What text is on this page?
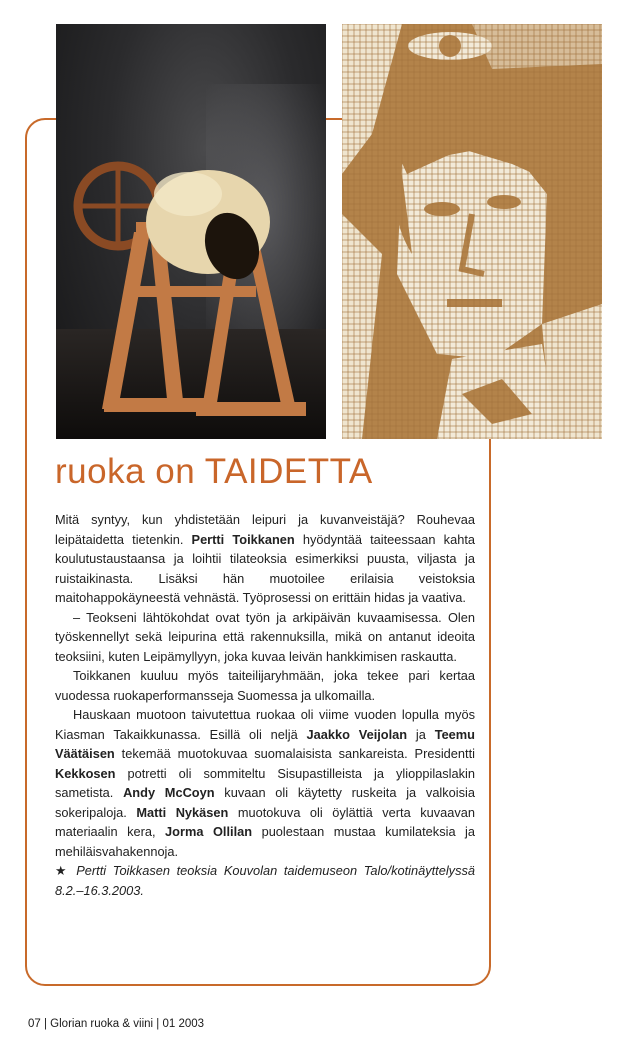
ruoka on TAIDETTA

Mitä syntyy, kun yhdistetään leipuri ja kuvanveistäjä? Rouhevaa leipätaidetta tietenkin. Pertti Toikkanen hyödyntää taiteessaan kahta koulutustaustaansa ja loihtii tilateoksia esimerkiksi puusta, viljasta ja ruistaikinasta. Lisäksi hän muotoilee erilaisia veistoksia maitohappokäyneestä vehnästä. Työprosessi on erittäin hidas ja vaativa.

– Teokseni lähtökohdat ovat työn ja arkipäivän kuvaamisessa. Olen työskennellyt sekä leipurina että rakennuksilla, mikä on antanut ideoita teoksiini, kuten Leipämyllyyn, joka kuvaa leivän hankkimisen raskautta.

Toikkanen kuuluu myös taiteilijaryhmään, joka tekee pari kertaa vuodessa ruokaperformansseja Suomessa ja ulkomailla.

Hauskaan muotoon taivutettua ruokaa oli viime vuoden lopulla myös Kiasman Takaikkunassa. Esillä oli neljä Jaakko Veijolan ja Teemu Väätäisen tekemää muotokuvaa suomalaisista sankareista. Presidentti Kekkosen potretti oli sommiteltu Sisupastilleista ja ylioppilaslakin sametista. Andy McCoyn kuvaan oli käytetty ruskeita ja valkoisia sokeripaloja. Matti Nykäsen muotokuva oli öylättiä verta kuvaavan materiaalin kera, Jorma Ollilan puolestaan mustaa kumilateksia ja mehiläisvahakennoja.

★ Pertti Toikkasen teoksia Kouvolan taidemuseon Talo/kotinäyttelyssä 8.2.–16.3.2003.

07 | Glorian ruoka & viini | 01 2003
